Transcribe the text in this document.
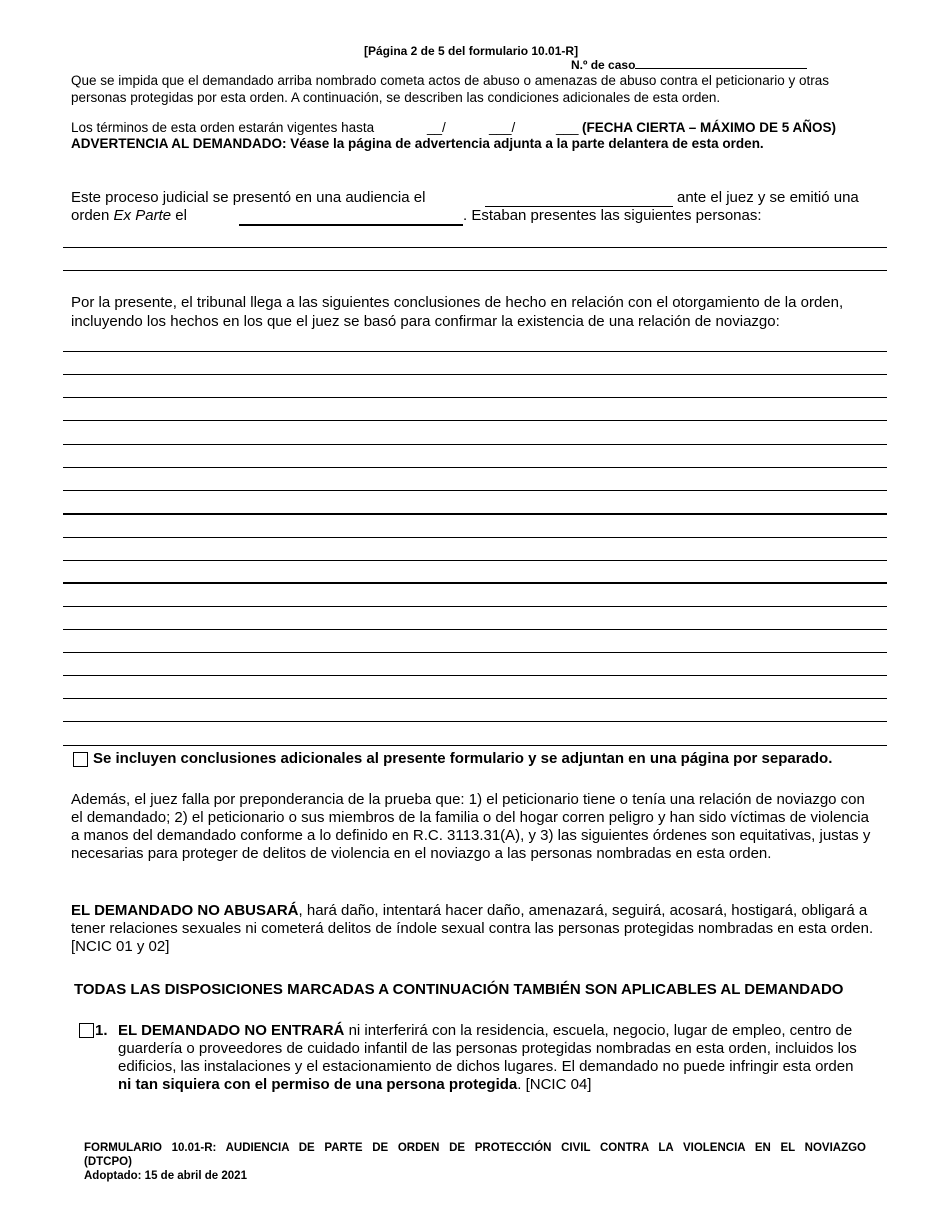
[Página 2 de 5 del formulario 10.01-R]
N.º de caso
Que se impida que el demandado arriba nombrado cometa actos de abuso o amenazas de abuso contra el peticionario y otras personas protegidas por esta orden. A continuación, se describen las condiciones adicionales de esta orden.
Los términos de esta orden estarán vigentes hasta	__/	___/	___ (FECHA CIERTA – MÁXIMO DE 5 AÑOS)
ADVERTENCIA AL DEMANDADO: Véase la página de advertencia adjunta a la parte delantera de esta orden.
Este proceso judicial se presentó en una audiencia el	ante el juez y se emitió una
orden Ex Parte el	. Estaban presentes las siguientes personas:
Por la presente, el tribunal llega a las siguientes conclusiones de hecho en relación con el otorgamiento de la orden, incluyendo los hechos en los que el juez se basó para confirmar la existencia de una relación de noviazgo:
Se incluyen conclusiones adicionales al presente formulario y se adjuntan en una página por separado.
Además, el juez falla por preponderancia de la prueba que: 1) el peticionario tiene o tenía una relación de noviazgo con el demandado; 2) el peticionario o sus miembros de la familia o del hogar corren peligro y han sido víctimas de violencia a manos del demandado conforme a lo definido en R.C. 3113.31(A), y 3) las siguientes órdenes son equitativas, justas y necesarias para proteger de delitos de violencia en el noviazgo a las personas nombradas en esta orden.
EL DEMANDADO NO ABUSARÁ, hará daño, intentará hacer daño, amenazará, seguirá, acosará, hostigará, obligará a tener relaciones sexuales ni cometerá delitos de índole sexual contra las personas protegidas nombradas en esta orden. [NCIC 01 y 02]
TODAS LAS DISPOSICIONES MARCADAS A CONTINUACIÓN TAMBIÉN SON APLICABLES AL DEMANDADO
1. EL DEMANDADO NO ENTRARÁ ni interferirá con la residencia, escuela, negocio, lugar de empleo, centro de guardería o proveedores de cuidado infantil de las personas protegidas nombradas en esta orden, incluidos los edificios, las instalaciones y el estacionamiento de dichos lugares. El demandado no puede infringir esta orden ni tan siquiera con el permiso de una persona protegida. [NCIC 04]
FORMULARIO 10.01-R: AUDIENCIA DE PARTE DE ORDEN DE PROTECCIÓN CIVIL CONTRA LA VIOLENCIA EN EL NOVIAZGO
(DTCPO)
Adoptado: 15 de abril de 2021
